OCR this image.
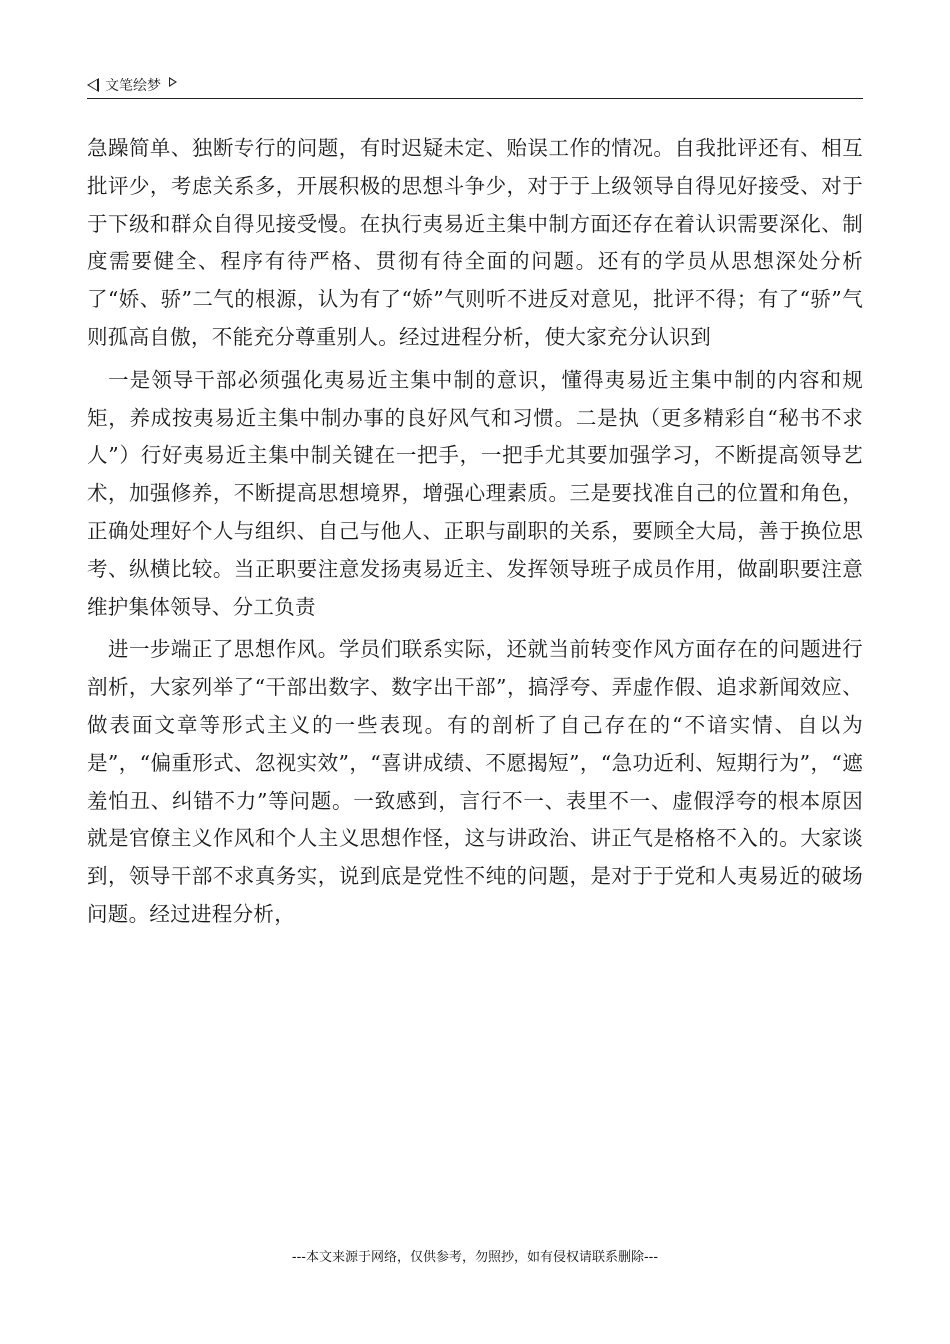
文笔绘梦

急躁简单、独断专行的问题，有时迟疑未定、贻误工作的情况。自我批评还有、相互批评少，考虑关系多，开展积极的思想斗争少，对于于上级领导自得见好接受、对于于下级和群众自得见接受慢。在执行夷易近主集中制方面还存在着认识需要深化、制度需要健全、程序有待严格、贯彻有待全面的问题。还有的学员从思想深处分析了“娇、骄”二气的根源，认为有了“娇”气则听不进反对意见，批评不得；有了“骄”气则孤高自傲，不能充分尊重别人。经过进程分析，使大家充分认识到

一是领导干部必须强化夷易近主集中制的意识，懂得夷易近主集中制的内容和规矩，养成按夷易近主集中制办事的良好风气和习惯。二是执（更多精彩自“秘书不求人”）行好夷易近主集中制关键在一把手，一把手尤其要加强学习，不断提高领导艺术，加强修养，不断提高思想境界，增强心理素质。三是要找准自己的位置和角色，正确处理好个人与组织、自己与他人、正职与副职的关系，要顾全大局，善于换位思考、纵横比较。当正职要注意发扬夷易近主、发挥领导班子成员作用，做副职要注意维护集体领导、分工负责

进一步端正了思想作风。学员们联系实际，还就当前转变作风方面存在的问题进行剖析，大家列举了“干部出数字、数字出干部”，搞浮夸、弄虚作假、追求新闻效应、做表面文章等形式主义的一些表现。有的剖析了自己存在的“不谙实情、自以为是”，“偏重形式、忽视实效”，“喜讲成绩、不愿揭短”，“急功近利、短期行为”，“遮羞怕丑、纠错不力”等问题。一致感到，言行不一、表里不一、虚假浮夸的根本原因就是官僚主义作风和个人主义思想作怪，这与讲政治、讲正气是格格不入的。大家谈到，领导干部不求真务实，说到底是党性不纯的问题，是对于于党和人夷易近的破场问题。经过进程分析，

---本文来源于网络，仅供参考，勿照抄，如有侵权请联系删除---
